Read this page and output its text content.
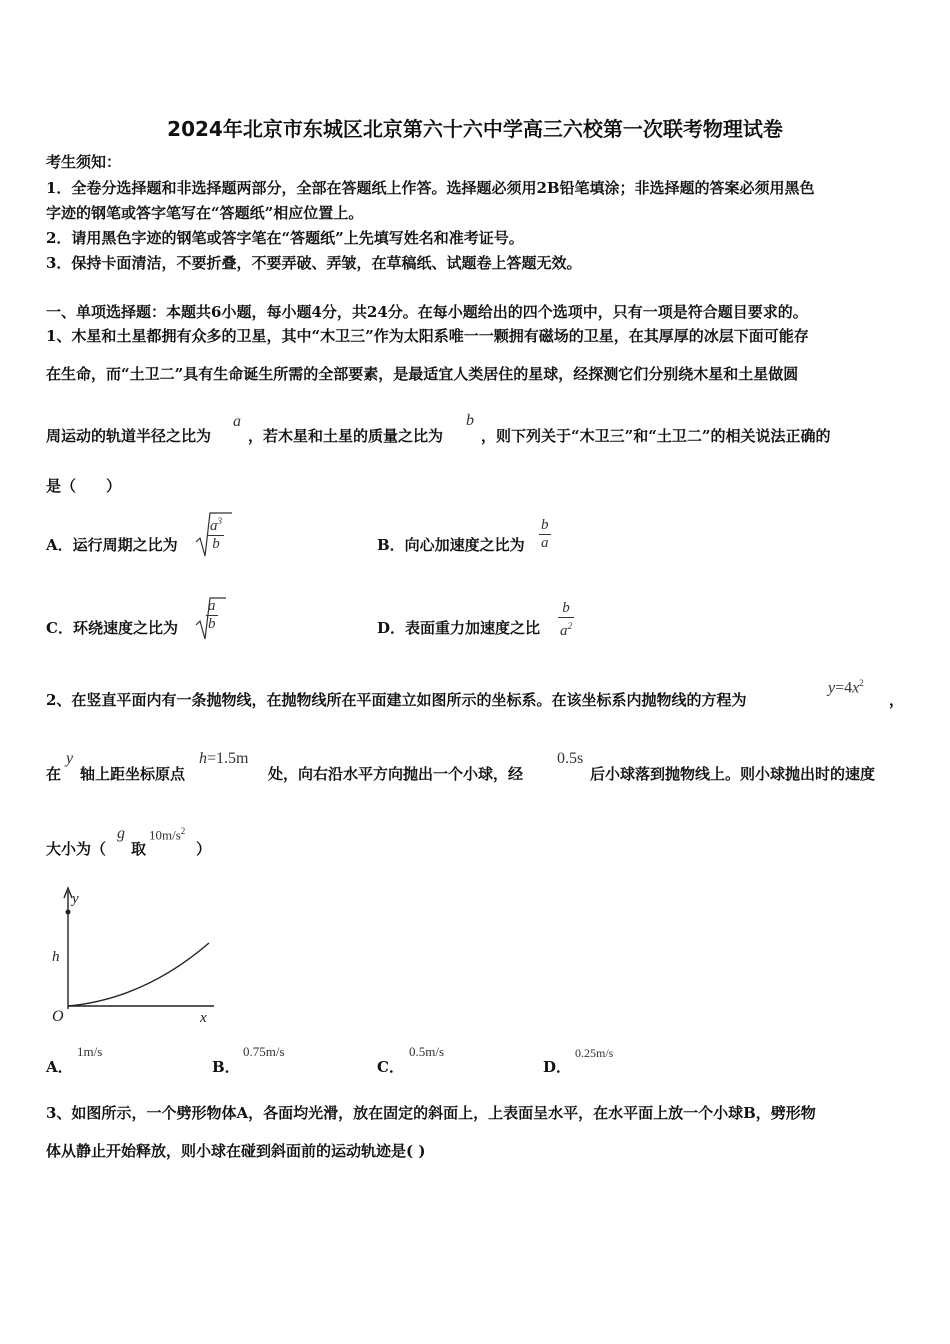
2024年北京市东城区北京第六十六中学高三六校第一次联考物理试卷
考生须知：
1．全卷分选择题和非选择题两部分，全部在答题纸上作答。选择题必须用2B铅笔填涂；非选择题的答案必须用黑色
字迹的钢笔或答字笔写在“答题纸”相应位置上。
2．请用黑色字迹的钢笔或答字笔在“答题纸”上先填写姓名和准考证号。
3．保持卡面清洁，不要折叠，不要弄破、弄皱，在草稿纸、试题卷上答题无效。
一、单项选择题：本题共6小题，每小题4分，共24分。在每小题给出的四个选项中，只有一项是符合题目要求的。
1、木星和土星都拥有众多的卫星，其中“木卫三”作为太阳系唯一一颗拥有磁场的卫星，在其厚厚的冰层下面可能存
在生命，而“土卫二”具有生命诞生所需的全部要素，是最适宜人类居住的星球，经探测它们分别绕木星和土星做圆
周运动的轨道半径之比为
a
，若木星和土星的质量之比为
b
，则下列关于“木卫三”和“土卫二”的相关说法正确的
是（　　）
A．运行周期之比为
$a^3$
b	B．向心加速度之比为
b
a
C．环绕速度之比为
a
b	D．表面重力加速度之比
b
$a^2$
2、在竖直平面内有一条抛物线，在抛物线所在平面建立如图所示的坐标系。在该坐标系内抛物线的方程为
$y=4x^2$
，
在
y
轴上距坐标原点
h=1.5m
处，向右沿水平方向抛出一个小球，经
0.5s
后小球落到抛物线上。则小球抛出时的速度
大小为（
g
取
$10m/s^2$
）
y
h
O	x
A．
1m/s
B．
0.75m/s
C．
0.5m/s
D．
0.25m/s
3、如图所示，一个劈形物体A，各面均光滑，放在固定的斜面上，上表面呈水平，在水平面上放一个小球B，劈形物
体从静止开始释放，则小球在碰到斜面前的运动轨迹是( )
